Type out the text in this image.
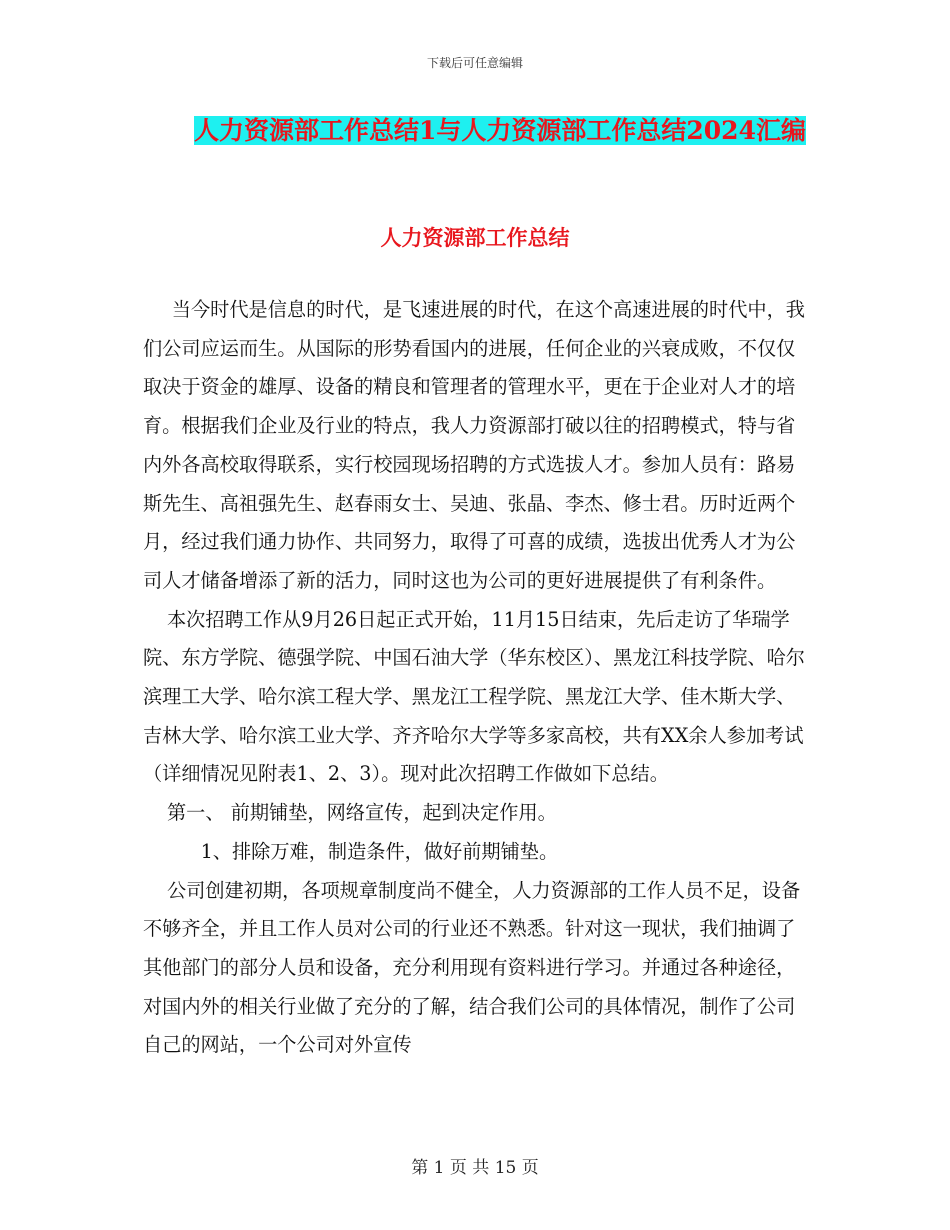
下载后可任意编辑
人力资源部工作总结1与人力资源部工作总结2024汇编
人力资源部工作总结

当今时代是信息的时代，是飞速进展的时代，在这个高速进展的时代中，我们公司应运而生。从国际的形势看国内的进展，任何企业的兴衰成败，不仅仅取决于资金的雄厚、设备的精良和管理者的管理水平，更在于企业对人才的培育。根据我们企业及行业的特点，我人力资源部打破以往的招聘模式，特与省内外各高校取得联系，实行校园现场招聘的方式选拔人才。参加人员有：路易斯先生、高祖强先生、赵春雨女士、吴迪、张晶、李杰、修士君。历时近两个月，经过我们通力协作、共同努力，取得了可喜的成绩，选拔出优秀人才为公司人才储备增添了新的活力，同时这也为公司的更好进展提供了有利条件。

本次招聘工作从9月26日起正式开始，11月15日结束，先后走访了华瑞学院、东方学院、德强学院、中国石油大学（华东校区）、黑龙江科技学院、哈尔滨理工大学、哈尔滨工程大学、黑龙江工程学院、黑龙江大学、佳木斯大学、吉林大学、哈尔滨工业大学、齐齐哈尔大学等多家高校，共有XX余人参加考试（详细情况见附表1、2、3）。现对此次招聘工作做如下总结。

第一、 前期铺垫，网络宣传，起到决定作用。

1、排除万难，制造条件，做好前期铺垫。

公司创建初期，各项规章制度尚不健全，人力资源部的工作人员不足，设备不够齐全，并且工作人员对公司的行业还不熟悉。针对这一现状，我们抽调了其他部门的部分人员和设备，充分利用现有资料进行学习。并通过各种途径，对国内外的相关行业做了充分的了解，结合我们公司的具体情况，制作了公司自己的网站，一个公司对外宣传

第 1 页 共 15 页
